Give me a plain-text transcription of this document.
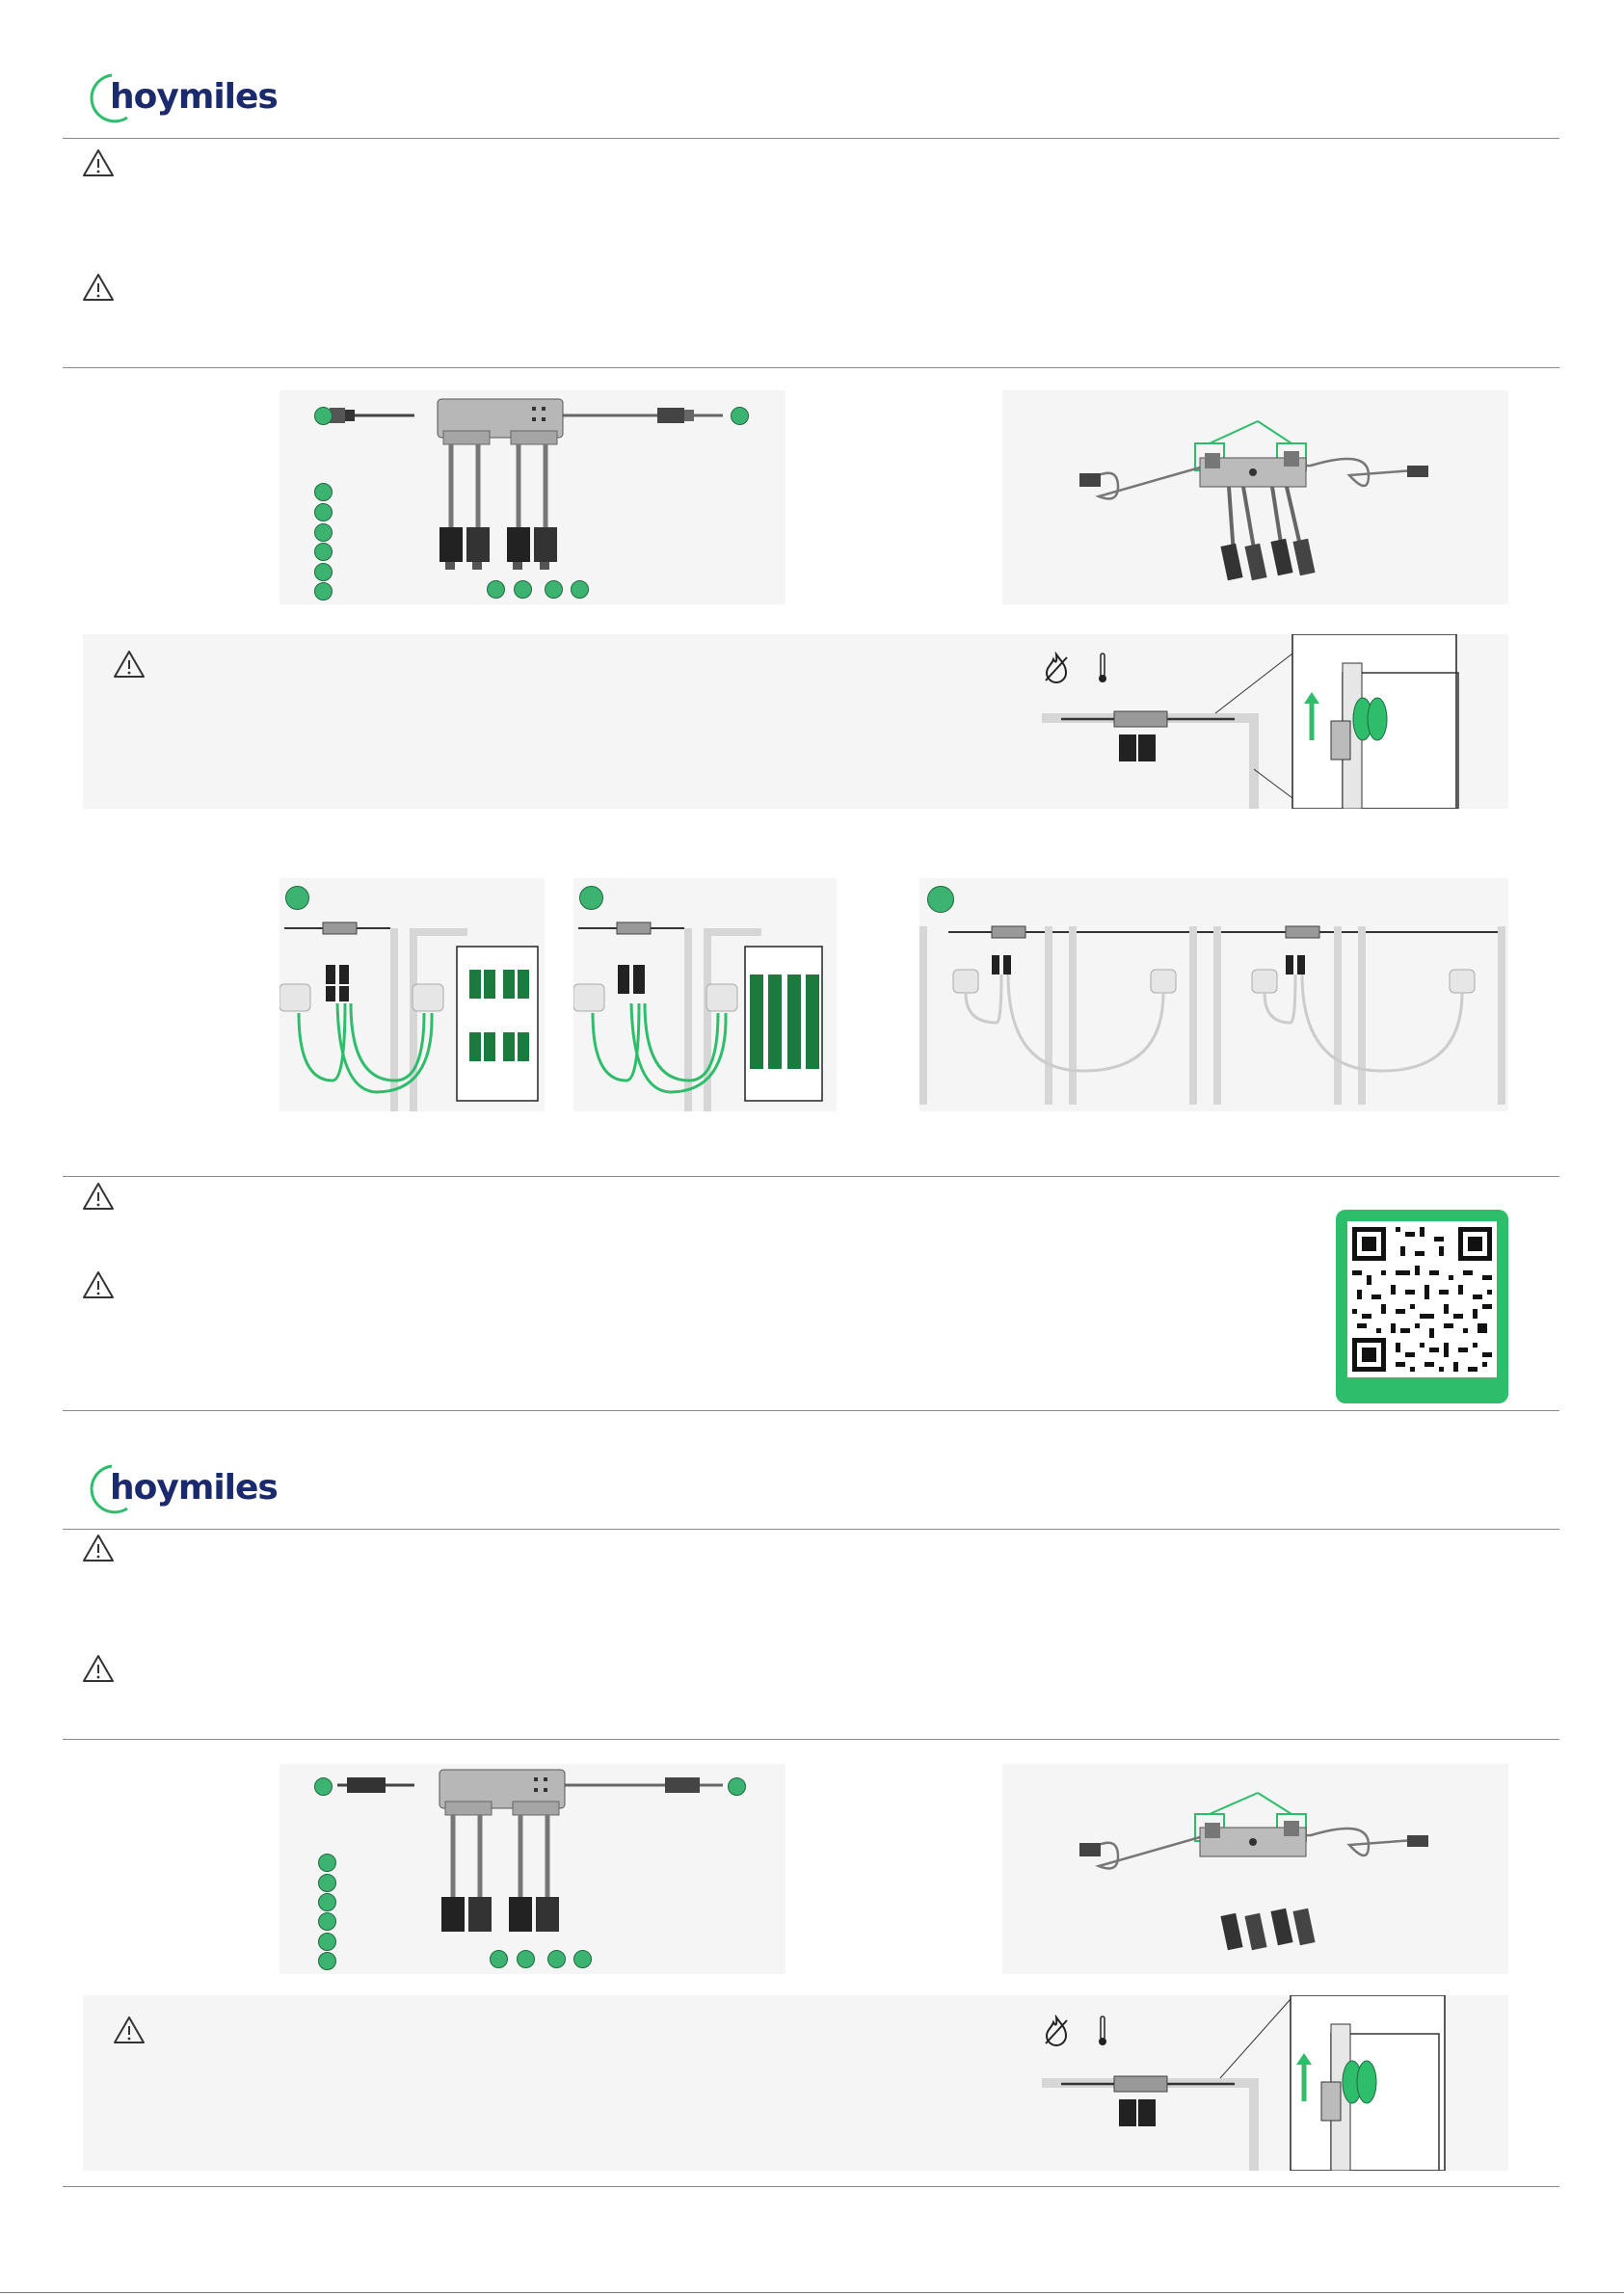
hoymiles
hoymiles
